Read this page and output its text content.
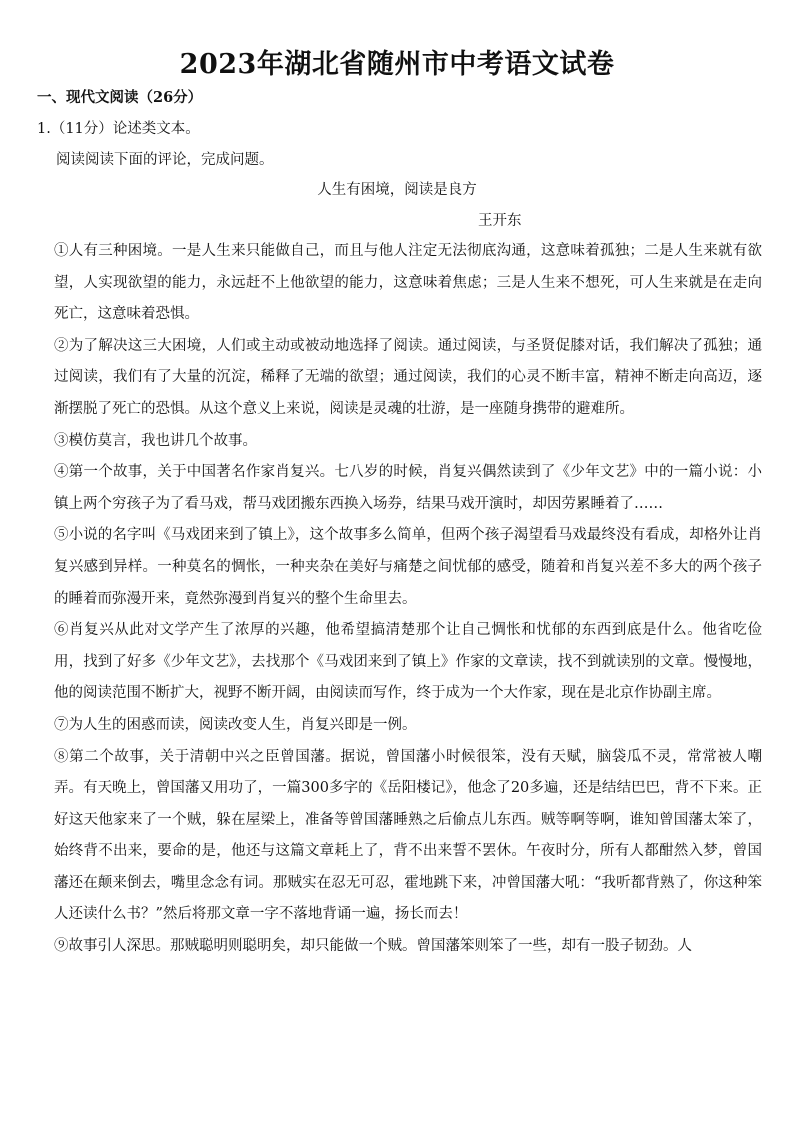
2023年湖北省随州市中考语文试卷
一、现代文阅读（26分）
1.（11分）论述类文本。
阅读阅读下面的评论，完成问题。
人生有困境，阅读是良方
王开东

①人有三种困境。一是人生来只能做自己，而且与他人注定无法彻底沟通，这意味着孤独；二是人生来就有欲望，人实现欲望的能力，永远赶不上他欲望的能力，这意味着焦虑；三是人生来不想死，可人生来就是在走向死亡，这意味着恐惧。

②为了解决这三大困境，人们或主动或被动地选择了阅读。通过阅读，与圣贤促膝对话，我们解决了孤独；通过阅读，我们有了大量的沉淀，稀释了无端的欲望；通过阅读，我们的心灵不断丰富，精神不断走向高迈，逐渐摆脱了死亡的恐惧。从这个意义上来说，阅读是灵魂的壮游，是一座随身携带的避难所。

③模仿莫言，我也讲几个故事。

④第一个故事，关于中国著名作家肖复兴。七八岁的时候，肖复兴偶然读到了《少年文艺》中的一篇小说：小镇上两个穷孩子为了看马戏，帮马戏团搬东西换入场券，结果马戏开演时，却因劳累睡着了……

⑤小说的名字叫《马戏团来到了镇上》，这个故事多么简单，但两个孩子渴望看马戏最终没有看成，却格外让肖复兴感到异样。一种莫名的惆怅，一种夹杂在美好与痛楚之间忧郁的感受，随着和肖复兴差不多大的两个孩子的睡着而弥漫开来，竟然弥漫到肖复兴的整个生命里去。

⑥肖复兴从此对文学产生了浓厚的兴趣，他希望搞清楚那个让自己惆怅和忧郁的东西到底是什么。他省吃俭用，找到了好多《少年文艺》，去找那个《马戏团来到了镇上》作家的文章读，找不到就读别的文章。慢慢地，他的阅读范围不断扩大，视野不断开阔，由阅读而写作，终于成为一个大作家，现在是北京作协副主席。

⑦为人生的困惑而读，阅读改变人生，肖复兴即是一例。

⑧第二个故事，关于清朝中兴之臣曾国藩。据说，曾国藩小时候很笨，没有天赋，脑袋瓜不灵，常常被人嘲弄。有天晚上，曾国藩又用功了，一篇300多字的《岳阳楼记》，他念了20多遍，还是结结巴巴，背不下来。正好这天他家来了一个贼，躲在屋梁上，准备等曾国藩睡熟之后偷点儿东西。贼等啊等啊，谁知曾国藩太笨了，始终背不出来，要命的是，他还与这篇文章耗上了，背不出来誓不罢休。午夜时分，所有人都酣然入梦，曾国藩还在颠来倒去，嘴里念念有词。那贼实在忍无可忍，霍地跳下来，冲曾国藩大吼：“我听都背熟了，你这种笨人还读什么书？”然后将那文章一字不落地背诵一遍，扬长而去！

⑨故事引人深思。那贼聪明则聪明矣，却只能做一个贼。曾国藩笨则笨了一些，却有一股子韧劲。人
